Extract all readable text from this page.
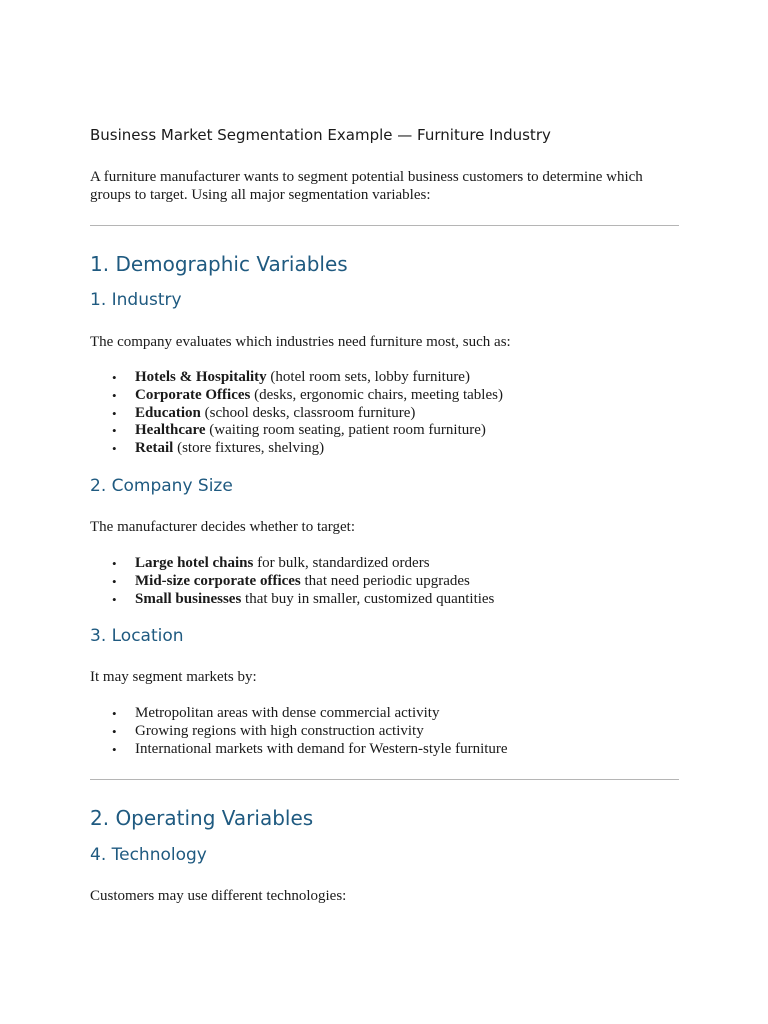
Business Market Segmentation Example — Furniture Industry

A furniture manufacturer wants to segment potential business customers to determine which groups to target. Using all major segmentation variables:

1. Demographic Variables
1. Industry

The company evaluates which industries need furniture most, such as:

• Hotels & Hospitality (hotel room sets, lobby furniture)
• Corporate Offices (desks, ergonomic chairs, meeting tables)
• Education (school desks, classroom furniture)
• Healthcare (waiting room seating, patient room furniture)
• Retail (store fixtures, shelving)
2. Company Size

The manufacturer decides whether to target:

• Large hotel chains for bulk, standardized orders
• Mid-size corporate offices that need periodic upgrades
• Small businesses that buy in smaller, customized quantities
3. Location

It may segment markets by:

• Metropolitan areas with dense commercial activity
• Growing regions with high construction activity
• International markets with demand for Western-style furniture
2. Operating Variables
4. Technology

Customers may use different technologies:
